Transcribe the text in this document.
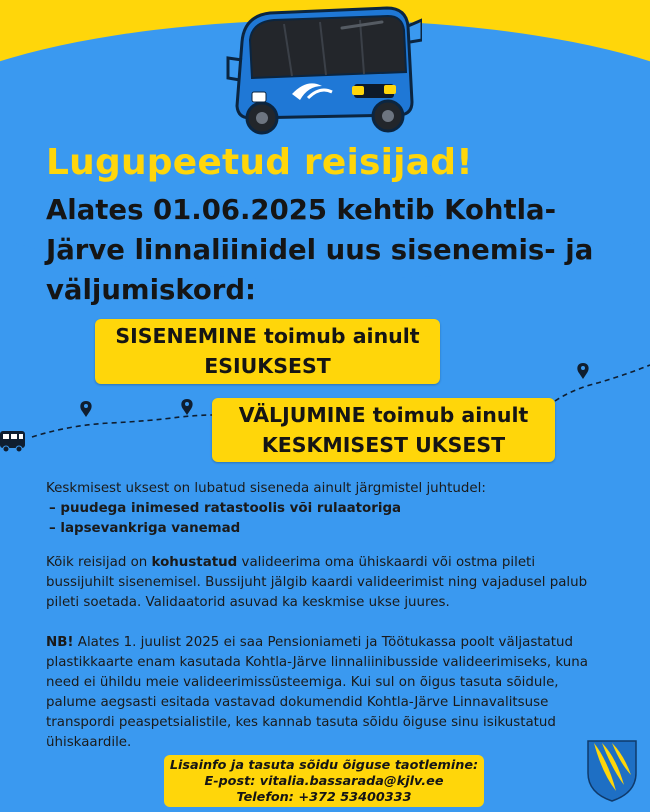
Lugupeetud reisijad!
Alates 01.06.2025 kehtib Kohtla-Järve linnaliinidel uus sisenemis- ja väljumiskord:
SISENEMINE toimub ainult
ESIUKSEST
VÄLJUMINE toimub ainult
KESKMISEST UKSEST
Keskmisest uksest on lubatud siseneda ainult järgmistel juhtudel:
– puudega inimesed ratastoolis või rulaatoriga
– lapsevankriga vanemad
Kõik reisijad on kohustatud valideerima oma ühiskaardi või ostma pileti bussijuhilt sisenemisel. Bussijuht jälgib kaardi valideerimist ning vajadusel palub pileti soetada. Validaatorid asuvad ka keskmise ukse juures.
NB! Alates 1. juulist 2025 ei saa Pensioniameti ja Töötukassa poolt väljastatud plastikkaarte enam kasutada Kohtla-Järve linnaliinibusside valideerimiseks, kuna need ei ühildu meie valideerimissüsteemiga. Kui sul on õigus tasuta sõidule, palume aegsasti esitada vastavad dokumendid Kohtla-Järve Linnavalitsuse transpordi peaspetsialistile, kes kannab tasuta sõidu õiguse sinu isikustatud ühiskaardile.
Lisainfo ja tasuta sõidu õiguse taotlemine:
E-post: vitalia.bassarada@kjlv.ee
Telefon: +372 53400333
